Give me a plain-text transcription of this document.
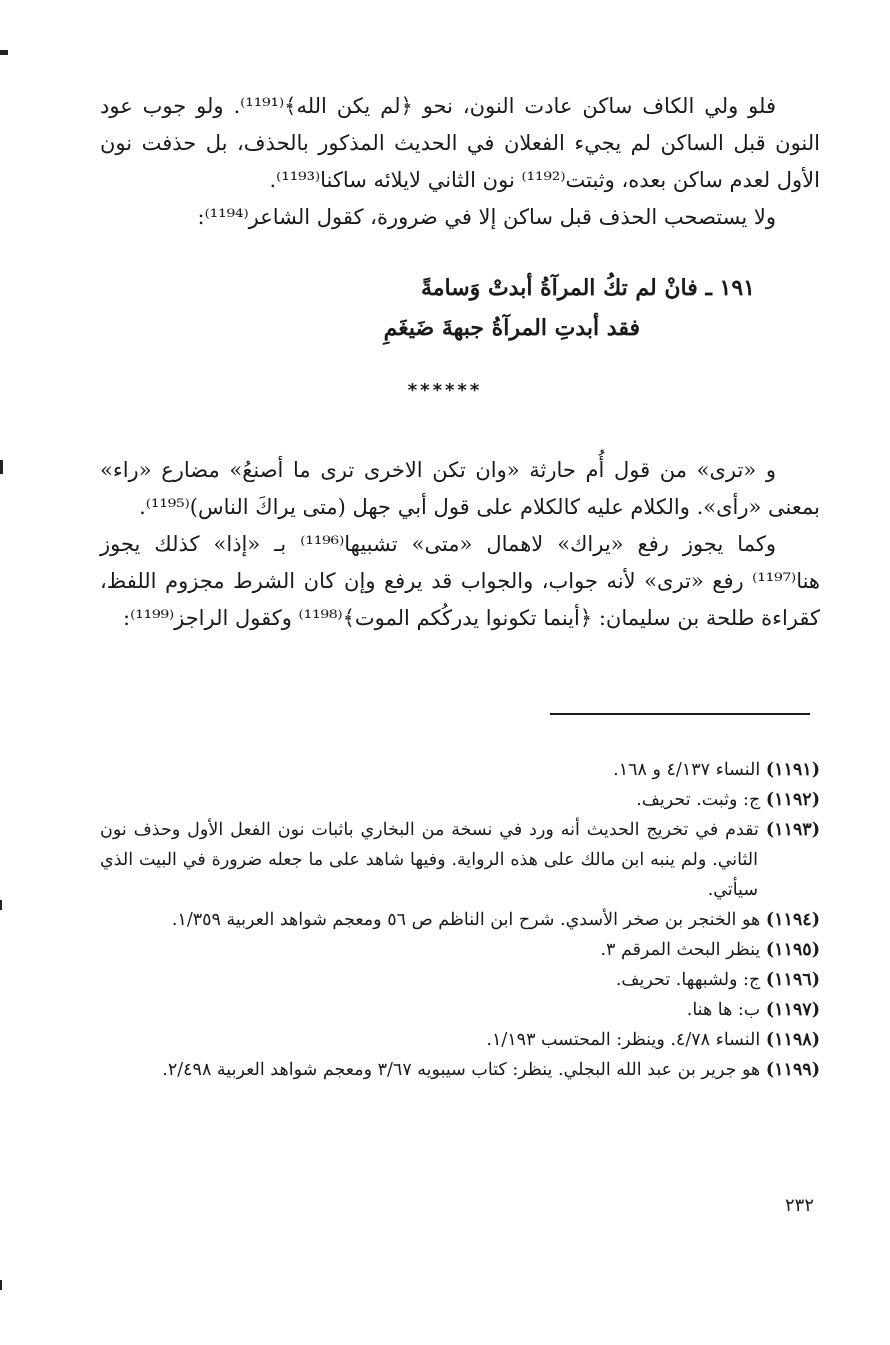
فلو ولي الكاف ساكن عادت النون، نحو ﴿لم يكن الله﴾⁽¹¹⁹¹⁾. ولو جوب عود النون قبل الساكن لم يجيء الفعلان في الحديث المذكور بالحذف، بل حذفت نون الأول لعدم ساكن بعده، وثبتت⁽¹¹⁹²⁾ نون الثاني لايلائه ساكنا⁽¹¹⁹³⁾.

ولا يستصحب الحذف قبل ساكن إلا في ضرورة، كقول الشاعر⁽¹¹⁹⁴⁾:

١٩١ ـ فانْ لم تكُ المرآةُ أبدتْ وَسامةً
فقد أبدتِ المرآةُ جبهةَ ضَيغَمِ
******

و «ترى» من قول أُم حارثة «وان تكن الاخرى ترى ما أصنعُ» مضارع «راء» بمعنى «رأى». والكلام عليه كالكلام على قول أبي جهل (متى يراكَ الناس)⁽¹¹⁹⁵⁾.

وكما يجوز رفع «يراك» لاهمال «متى» تشبيها⁽¹¹⁹⁶⁾ بـ «إذا» كذلك يجوز هنا⁽¹¹⁹⁷⁾ رفع «ترى» لأنه جواب، والجواب قد يرفع وإن كان الشرط مجزوم اللفظ، كقراءة طلحة بن سليمان: ﴿أينما تكونوا يدركُكم الموت﴾⁽¹¹⁹⁸⁾ وكقول الراجز⁽¹¹⁹⁹⁾:

(١١٩١) النساء ٤/١٣٧ و ١٦٨.
(١١٩٢) ج: وثبت. تحريف.
(١١٩٣) تقدم في تخريج الحديث أنه ورد في نسخة من البخاري باثبات نون الفعل الأول وحذف نون الثاني. ولم ينبه ابن مالك على هذه الرواية. وفيها شاهد على ما جعله ضرورة في البيت الذي سيأتي.
(١١٩٤) هو الخنجر بن صخر الأسدي. شرح ابن الناظم ص ٥٦ ومعجم شواهد العربية ١/٣٥٩.
(١١٩٥) ينظر البحث المرقم ٣.
(١١٩٦) ج: ولشبهها. تحريف.
(١١٩٧) ب: ها هنا.
(١١٩٨) النساء ٤/٧٨. وينظر: المحتسب ١/١٩٣.
(١١٩٩) هو جرير بن عبد الله البجلي. ينظر: كتاب سيبويه ٣/٦٧ ومعجم شواهد العربية ٢/٤٩٨.
٢٣٢
